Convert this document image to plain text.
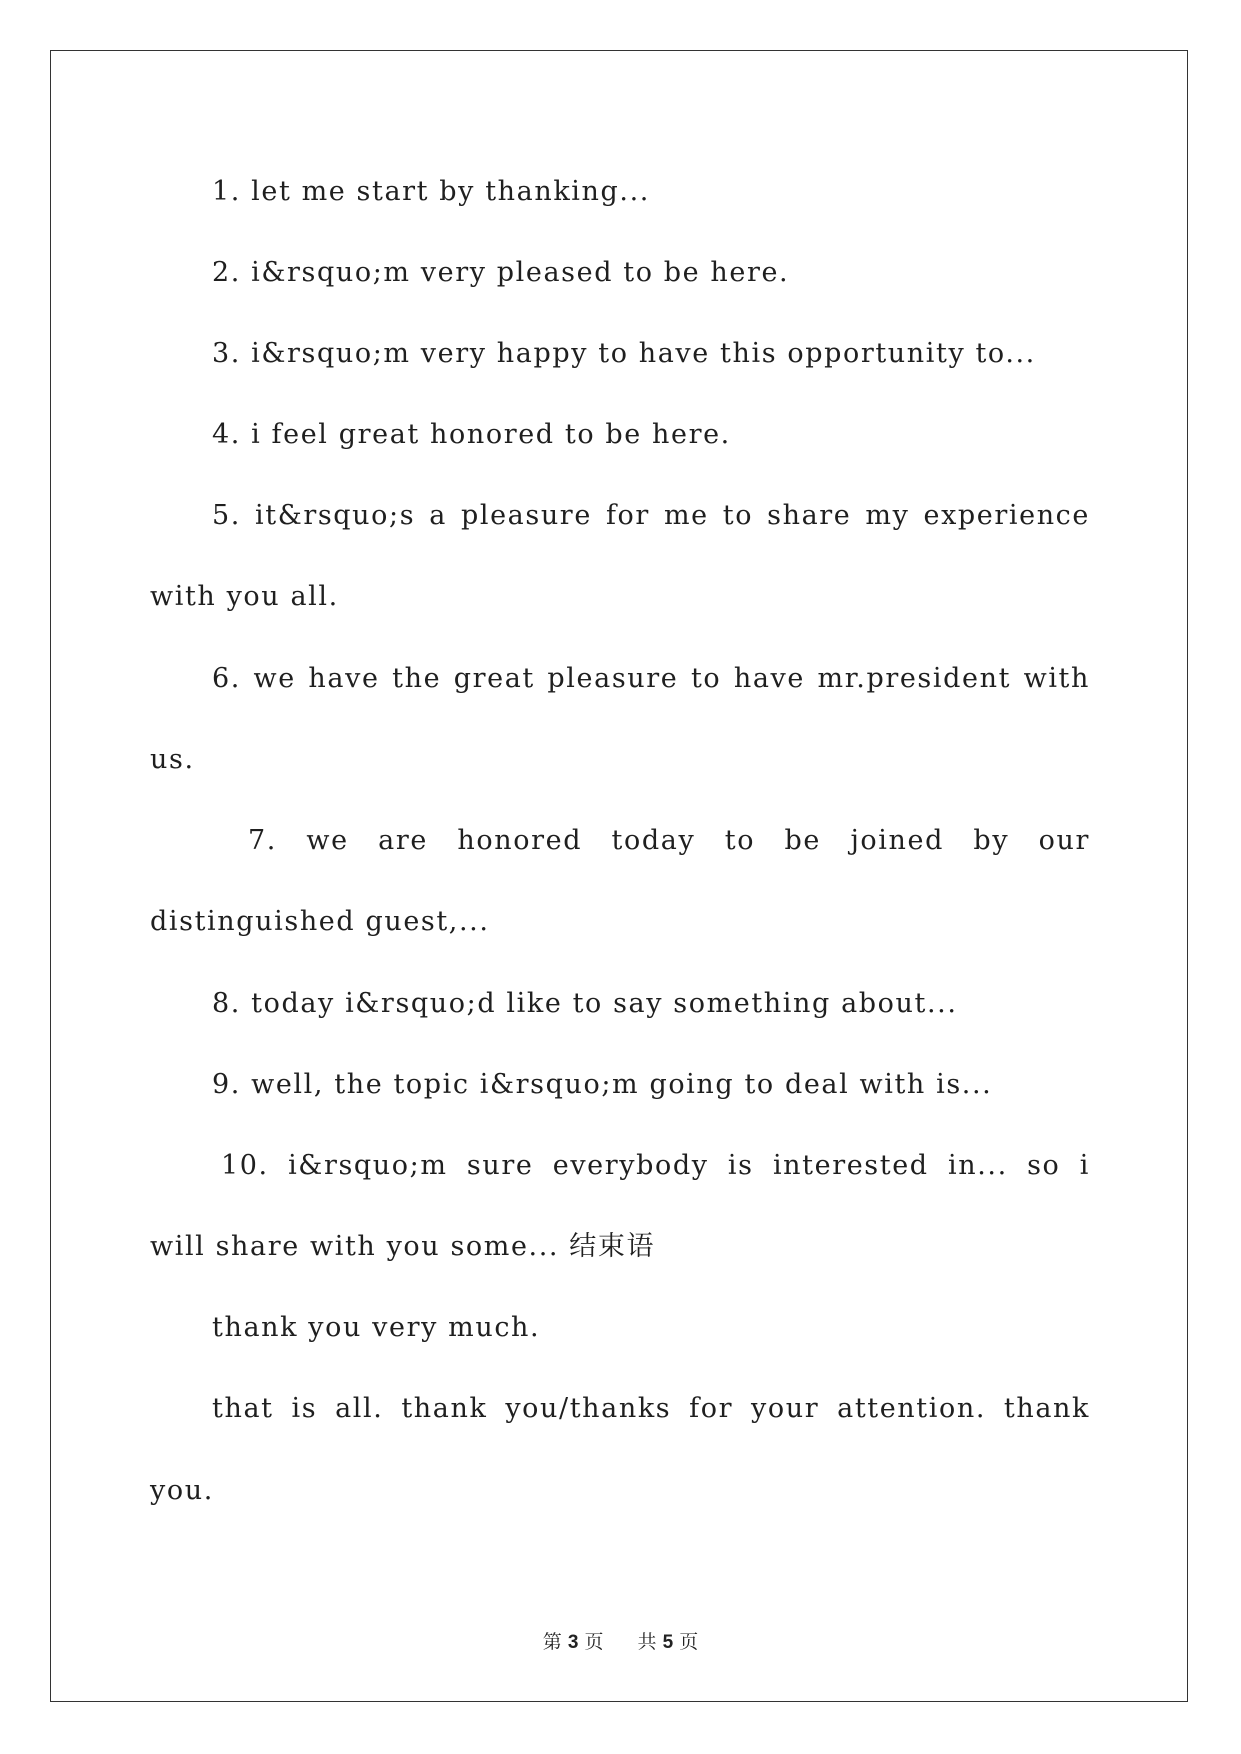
1. let me start by thanking...
2. i&rsquo;m very pleased to be here.
3. i&rsquo;m very happy to have this opportunity to...
4. i feel great honored to be here.
5. it&rsquo;s a pleasure for me to share my experience
with you all.
6. we have the great pleasure to have mr.president with
us.
7. we are honored today to be joined by our
distinguished guest,...
8. today i&rsquo;d like to say something about...
9. well, the topic i&rsquo;m going to deal with is...
10. i&rsquo;m sure everybody is interested in... so i
will share with you some... 结束语
thank you very much.
that is all. thank you/thanks for your attention. thank
you.
第 3 页 共 5 页
